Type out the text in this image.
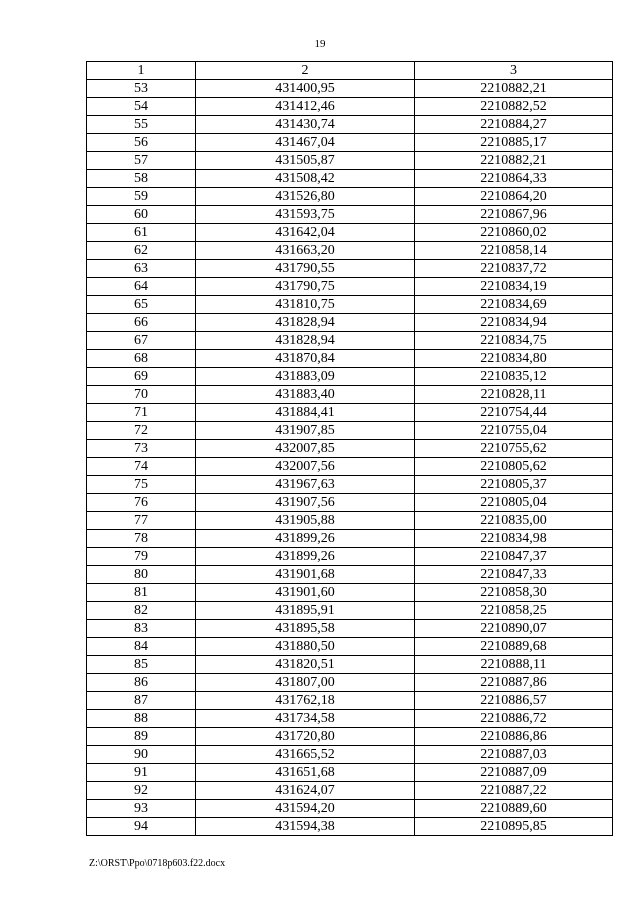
19
1	2	3
53	431400,95	2210882,21
54	431412,46	2210882,52
55	431430,74	2210884,27
56	431467,04	2210885,17
57	431505,87	2210882,21
58	431508,42	2210864,33
59	431526,80	2210864,20
60	431593,75	2210867,96
61	431642,04	2210860,02
62	431663,20	2210858,14
63	431790,55	2210837,72
64	431790,75	2210834,19
65	431810,75	2210834,69
66	431828,94	2210834,94
67	431828,94	2210834,75
68	431870,84	2210834,80
69	431883,09	2210835,12
70	431883,40	2210828,11
71	431884,41	2210754,44
72	431907,85	2210755,04
73	432007,85	2210755,62
74	432007,56	2210805,62
75	431967,63	2210805,37
76	431907,56	2210805,04
77	431905,88	2210835,00
78	431899,26	2210834,98
79	431899,26	2210847,37
80	431901,68	2210847,33
81	431901,60	2210858,30
82	431895,91	2210858,25
83	431895,58	2210890,07
84	431880,50	2210889,68
85	431820,51	2210888,11
86	431807,00	2210887,86
87	431762,18	2210886,57
88	431734,58	2210886,72
89	431720,80	2210886,86
90	431665,52	2210887,03
91	431651,68	2210887,09
92	431624,07	2210887,22
93	431594,20	2210889,60
94	431594,38	2210895,85
Z:\ORST\Ppo\0718p603.f22.docx
